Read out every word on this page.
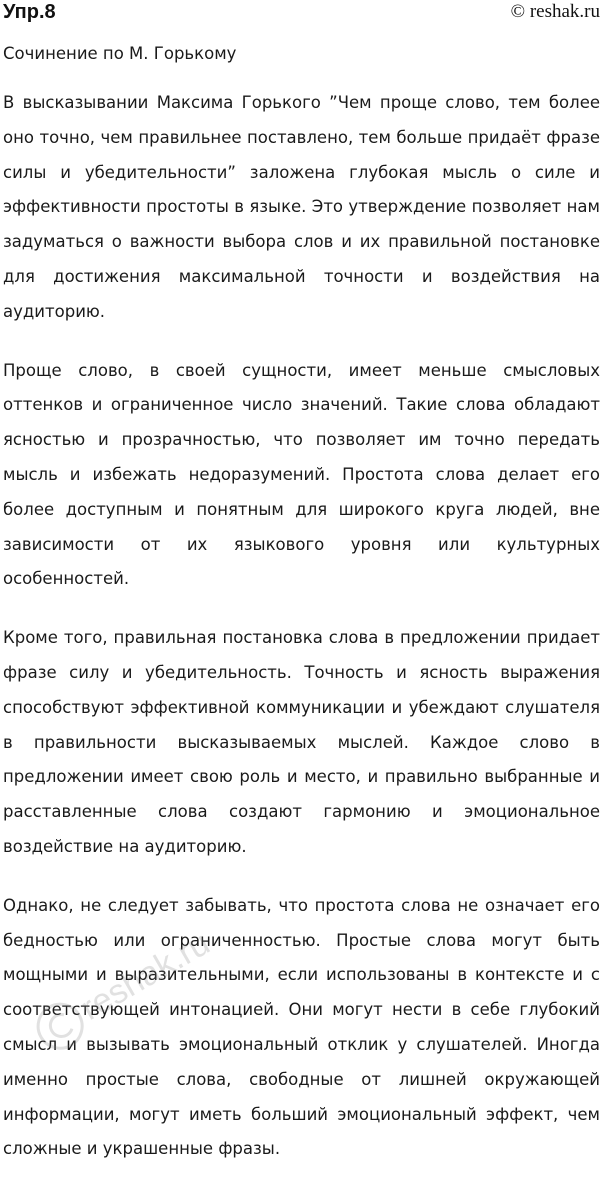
Упр.8	© reshak.ru
Сочинение по М. Горькому

В высказывании Максима Горького ”Чем проще слово, тем более оно точно, чем правильнее поставлено, тем больше придаёт фразе силы и убедительности” заложена глубокая мысль о силе и эффективности простоты в языке. Это утверждение позволяет нам задуматься о важности выбора слов и их правильной постановке для достижения максимальной точности и воздействия на аудиторию.

Проще слово, в своей сущности, имеет меньше смысловых оттенков и ограниченное число значений. Такие слова обладают ясностью и прозрачностью, что позволяет им точно передать мысль и избежать недоразумений. Простота слова делает его более доступным и понятным для широкого круга людей, вне зависимости от их языкового уровня или культурных особенностей.

Кроме того, правильная постановка слова в предложении придает фразе силу и убедительность. Точность и ясность выражения способствуют эффективной коммуникации и убеждают слушателя в правильности высказываемых мыслей. Каждое слово в предложении имеет свою роль и место, и правильно выбранные и расставленные слова создают гармонию и эмоциональное воздействие на аудиторию.

Однако, не следует забывать, что простота слова не означает его бедностью или ограниченностью. Простые слова могут быть мощными и выразительными, если использованы в контексте и с соответствующей интонацией. Они могут нести в себе глубокий смысл и вызывать эмоциональный отклик у слушателей. Иногда именно простые слова, свободные от лишней окружающей информации, могут иметь больший эмоциональный эффект, чем сложные и украшенные фразы.

reshak.ru
